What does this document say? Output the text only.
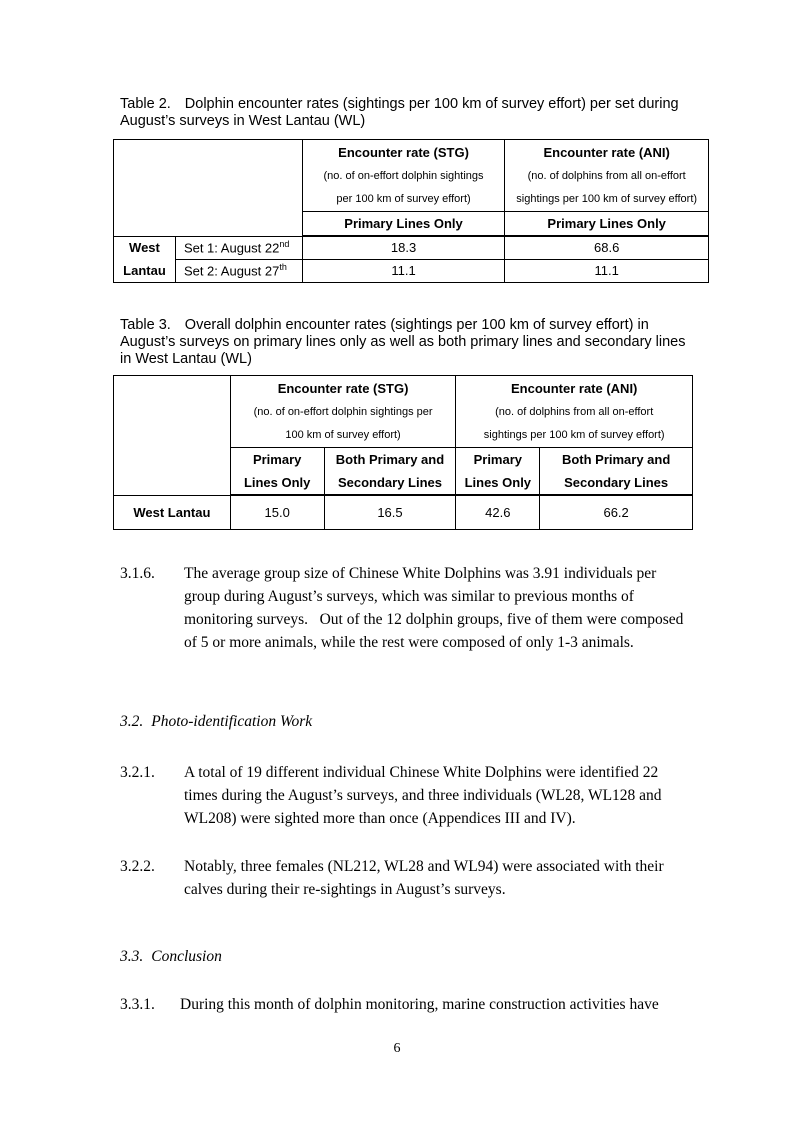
Table 2. Dolphin encounter rates (sightings per 100 km of survey effort) per set during August’s surveys in West Lantau (WL)
		Encounter rate (STG)	Encounter rate (ANI)
		(no. of on-effort dolphin sightings	(no. of dolphins from all on-effort
		per 100 km of survey effort)	sightings per 100 km of survey effort)
		Primary Lines Only	Primary Lines Only
West	Set 1: August 22nd	18.3	68.6
Lantau	Set 2: August 27th	11.1	11.1
Table 3. Overall dolphin encounter rates (sightings per 100 km of survey effort) in August’s surveys on primary lines only as well as both primary lines and secondary lines in West Lantau (WL)
	Encounter rate (STG)		Encounter rate (ANI)	
	(no. of on-effort dolphin sightings per		(no. of dolphins from all on-effort	
	100 km of survey effort)		sightings per 100 km of survey effort)	
	Primary	Both Primary and	Primary	Both Primary and
	Lines Only	Secondary Lines	Lines Only	Secondary Lines
West Lantau	15.0	16.5	42.6	66.2
3.1.6. The average group size of Chinese White Dolphins was 3.91 individuals per group during August’s surveys, which was similar to previous months of monitoring surveys.   Out of the 12 dolphin groups, five of them were composed of 5 or more animals, while the rest were composed of only 1-3 animals.
3.2. Photo-identification Work
3.2.1. A total of 19 different individual Chinese White Dolphins were identified 22 times during the August’s surveys, and three individuals (WL28, WL128 and WL208) were sighted more than once (Appendices III and IV).
3.2.2. Notably, three females (NL212, WL28 and WL94) were associated with their calves during their re-sightings in August’s surveys.
3.3. Conclusion
3.3.1. During this month of dolphin monitoring, marine construction activities have
6
